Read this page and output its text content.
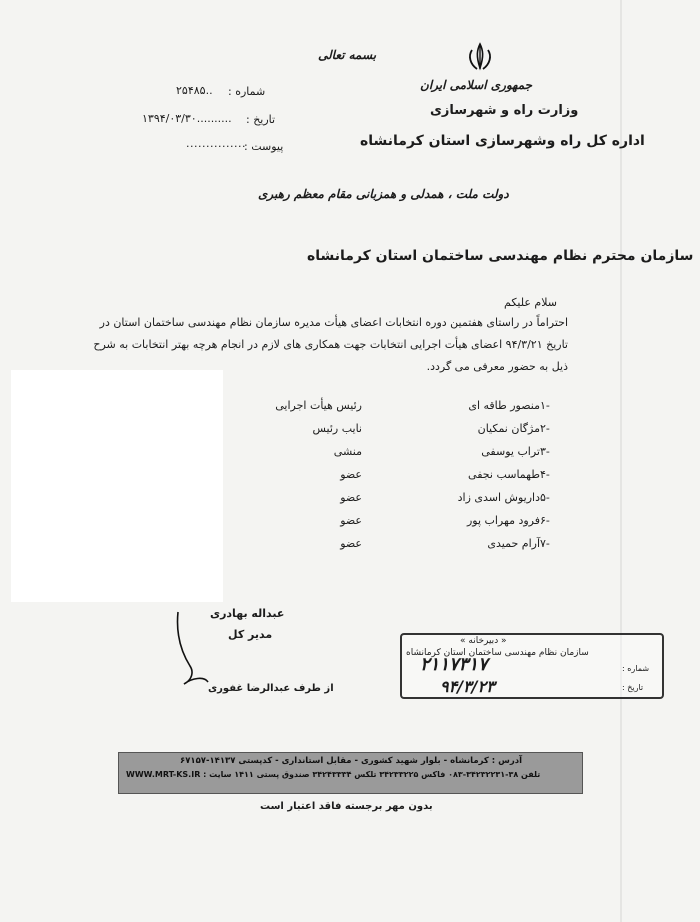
بسمه تعالی
جمهوری اسلامی ایران
وزارت راه و شهرسازی
اداره کل راه وشهرسازی استان کرمانشاه
شماره :
٢۵۴٨۵..
تاریخ :
١٣٩۴/٠٣/٣٠..........
پیوست :
...............
دولت ملت ، همدلی و همزبانی مقام معظم رهبری
سازمان محترم نظام مهندسی ساختمان استان کرمانشاه
سلام علیکم
احتراماً در راستای هفتمین دوره انتخابات اعضای هیأت مدیره سازمان نظام مهندسی ساختمان استان در
تاریخ ۹۴/۳/۲۱ اعضای هیأت اجرایی انتخابات جهت همکاری های لازم در انجام هرچه بهتر انتخابات به شرح
ذیل به حضور معرفی می گردد.
١-
منصور طاقه ای
رئیس هیأت اجرایی
٢-
مژگان نمکیان
نایب رئیس
٣-
تراب یوسفی
منشی
۴-
طهماسب نجفی
عضو
۵-
داریوش اسدی زاد
عضو
۶-
فرود مهراب پور
عضو
٧-
آرام حمیدی
عضو
عبداله بهادری
مدیر کل
از طرف عبدالرضا غفوری
« دبیرخانه »
سازمان نظام مهندسی ساختمان استان کرمانشاه
شماره :
تاریخ :
۲۱۱۷۳۱۷
۹۴/۳/۲۳
آدرس : کرمانشاه - بلوار شهید کشوری - مقابل استانداری - کدپستی ۱۴۱۳۷-۶۷۱۵۷
تلفن ۳۸-۳۴۲۳۲۲۳۱-۰۸۳ فاکس ۳۴۲۳۳۲۲۵ تلکس ۳۴۲۴۳۳۳۴ صندوق پستی ۱۴۱۱ سایت : WWW.MRT-KS.IR
بدون مهر برجسته فاقد اعتبار است
